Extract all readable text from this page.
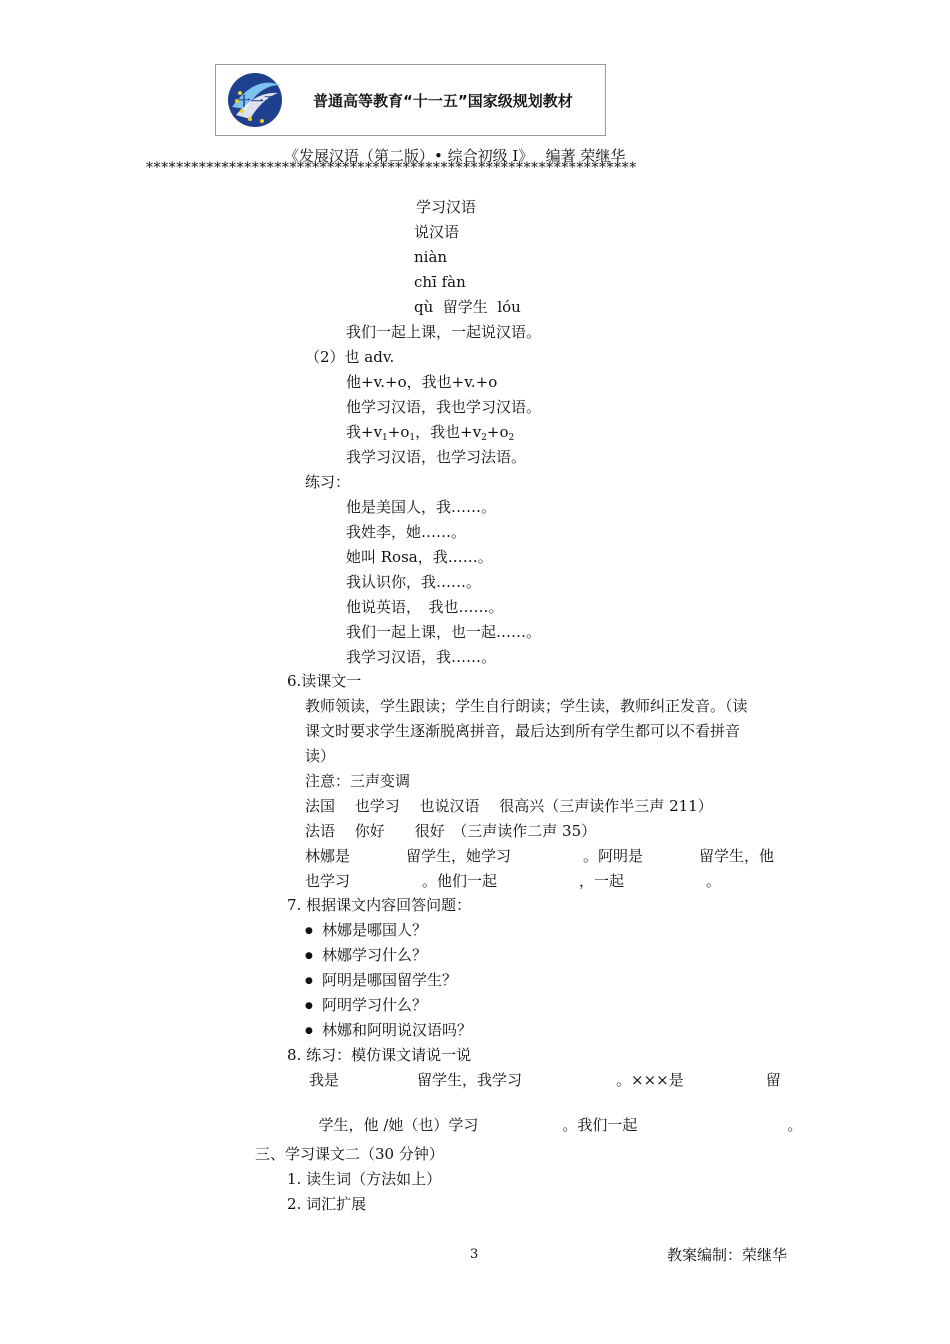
十一五 普通高等教育“十一五”国家级规划教材
《发展汉语（第二版）• 综合初级 I》　 编著 荣继华
*****************************************************************
学习汉语
说汉语
niàn
chī fàn
qù  留学生  lóu
我们一起上课，一起说汉语。
（2）也 adv.
他+v.+o，我也+v.+o
他学习汉语，我也学习汉语。
我$+v_1+o_1$，我也$+v_2+o_2$
我学习汉语，也学习法语。
练习：
他是美国人，我……。
我姓李，她……。
她叫 Rosa，我……。
我认识你，我……。
他说英语，　我也……。
我们一起上课，也一起……。
我学习汉语，我……。
6.读课文一
教师领读，学生跟读；学生自行朗读；学生读，教师纠正发音。（读
课文时要求学生逐渐脱离拼音，最后达到所有学生都可以不看拼音
读）
注意：三声变调
法国　 也学习　 也说汉语　 很高兴（三声读作半三声 211）
法语　 你好　　很好　（三声读作二声 35）
林娜是	留学生，她学习	。阿明是	留学生，他
也学习	。他们一起	，一起	。
7. 根据课文内容回答问题：
● 林娜是哪国人？
● 林娜学习什么？
● 阿明是哪国留学生？
● 阿明学习什么？
● 林娜和阿明说汉语吗？
8. 练习：模仿课文请说一说
我是	留学生，我学习	。×××是	留

学生，他 /她（也）学习	。我们一起	。

三、学习课文二（30 分钟）
1. 读生词（方法如上）
2. 词汇扩展
3	教案编制：荣继华
